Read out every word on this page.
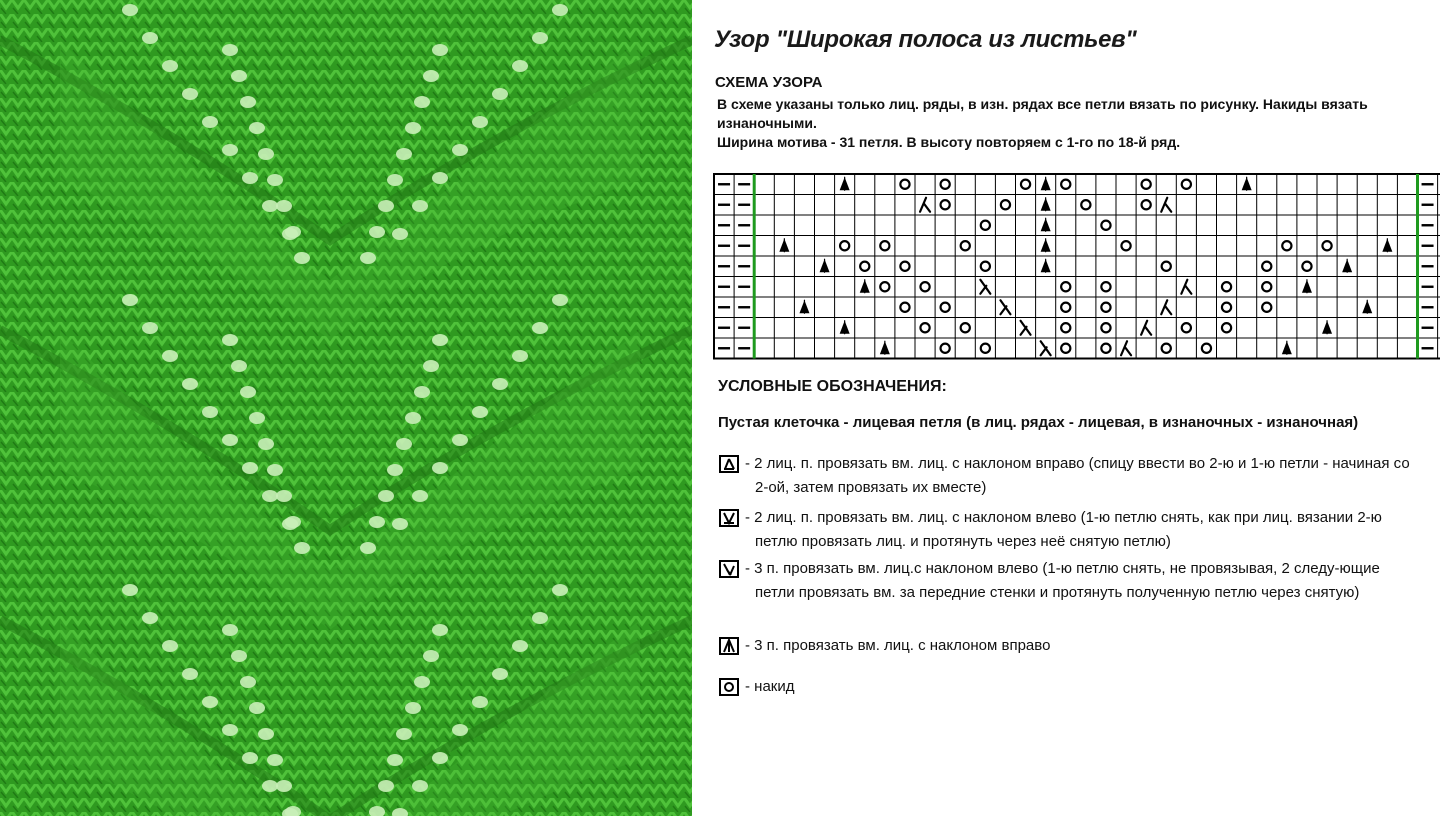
Узор "Широкая полоса из листьев"
СХЕМА УЗОРА

В схеме указаны только лиц. ряды, в изн. рядах все петли вязать по рисунку. Накиды вязать изнаночными.

Ширина мотива - 31 петля. В высоту повторяем с 1-го по 18-й ряд.

УСЛОВНЫЕ ОБОЗНАЧЕНИЯ:
Пустая клеточка - лицевая петля (в лиц. рядах - лицевая, в изнаночных - изнаночная)
- 2 лиц. п. провязать вм. лиц. с наклоном вправо (спицу ввести во 2-ю и 1-ю петли - начиная со 2-ой, затем провязать их вместе)
- 2 лиц. п. провязать вм. лиц. с наклоном влево (1-ю петлю снять, как при лиц. вязании 2-ю петлю провязать лиц. и протянуть через неё снятую петлю)
- 3 п. провязать вм. лиц.с наклоном влево (1-ю петлю снять, не провязывая, 2 следу-ющие петли провязать вм. за передние стенки и протянуть полученную петлю через снятую)
- 3 п. провязать вм. лиц. с наклоном вправо
- накид
